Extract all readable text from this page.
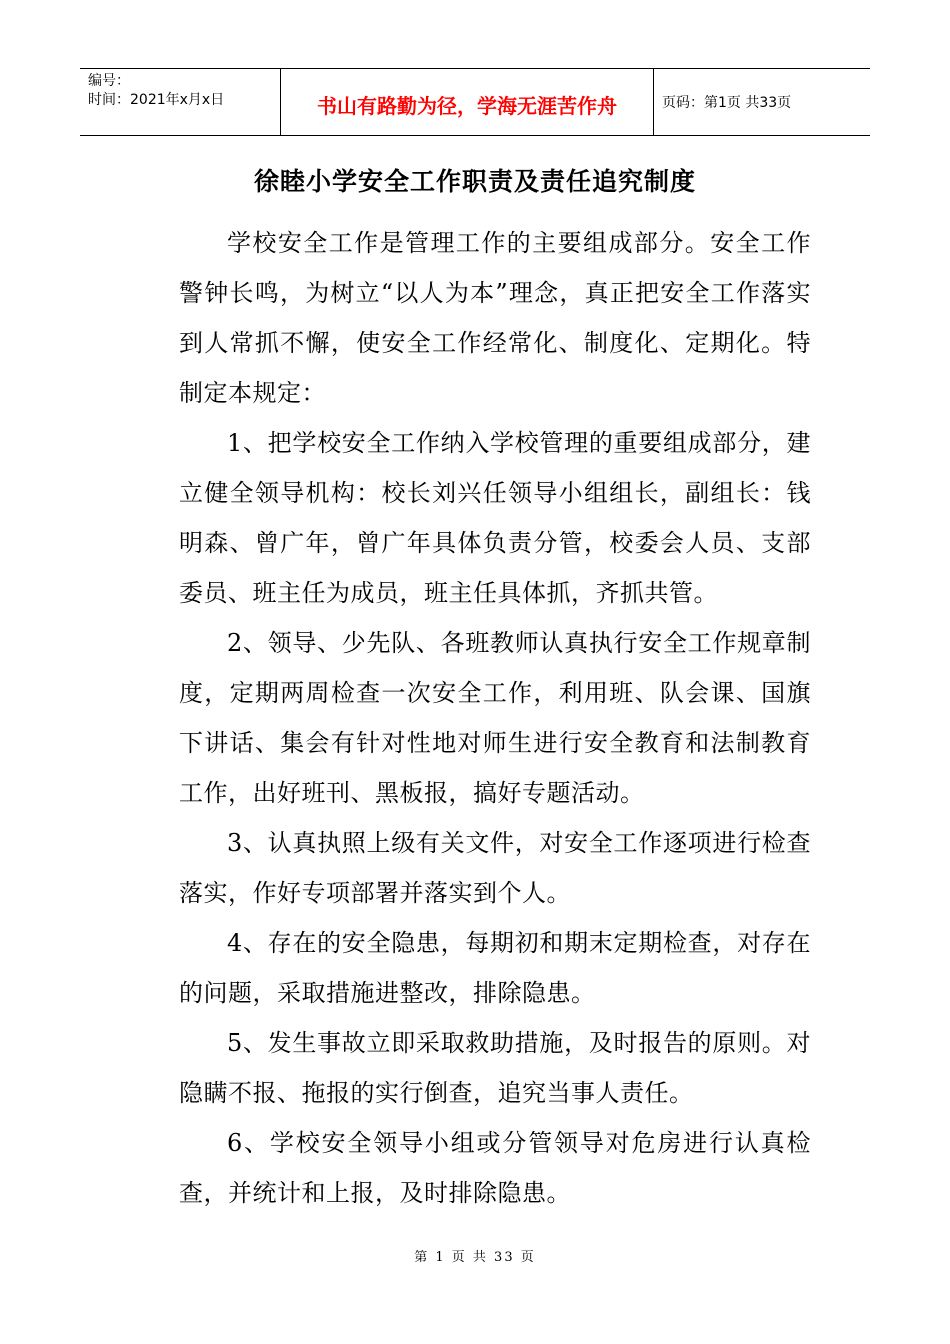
编号：
时间：2021年x月x日	书山有路勤为径，学海无涯苦作舟	页码：第1页 共33页
徐睦小学安全工作职责及责任追究制度

学校安全工作是管理工作的主要组成部分。安全工作警钟长鸣，为树立“以人为本”理念，真正把安全工作落实到人常抓不懈，使安全工作经常化、制度化、定期化。特制定本规定：

1、把学校安全工作纳入学校管理的重要组成部分，建立健全领导机构：校长刘兴任领导小组组长，副组长：钱明森、曾广年，曾广年具体负责分管，校委会人员、支部委员、班主任为成员，班主任具体抓，齐抓共管。

2、领导、少先队、各班教师认真执行安全工作规章制度，定期两周检查一次安全工作，利用班、队会课、国旗下讲话、集会有针对性地对师生进行安全教育和法制教育工作，出好班刊、黑板报，搞好专题活动。

3、认真执照上级有关文件，对安全工作逐项进行检查落实，作好专项部署并落实到个人。

4、存在的安全隐患，每期初和期末定期检查，对存在的问题，采取措施进整改，排除隐患。

5、发生事故立即采取救助措施，及时报告的原则。对隐瞒不报、拖报的实行倒查，追究当事人责任。

6、学校安全领导小组或分管领导对危房进行认真检查，并统计和上报，及时排除隐患。

第 1 页 共 33 页
